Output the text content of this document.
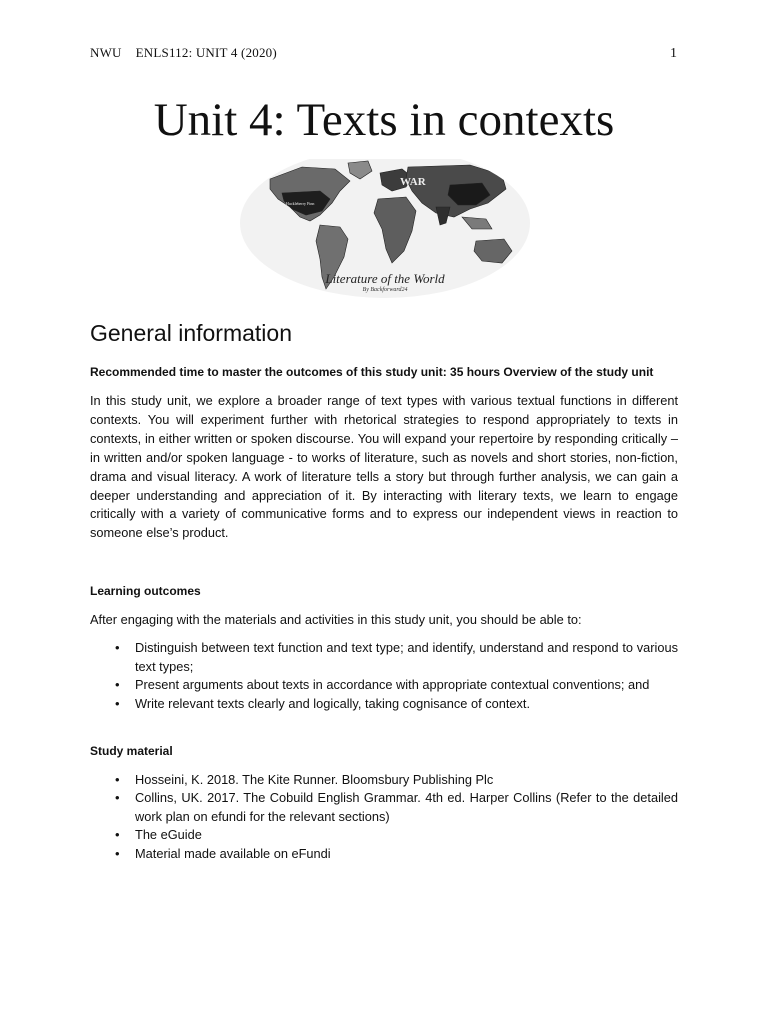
NWU ENLS112: UNIT 4 (2020)	1
Unit 4: Texts in contexts
WAR
Huckleberry Finn
Literature of the World
By Backforward24
General information

Recommended time to master the outcomes of this study unit: 35 hours Overview of the study unit

In this study unit, we explore a broader range of text types with various textual functions in different contexts. You will experiment further with rhetorical strategies to respond appropriately to texts in contexts, in either written or spoken discourse. You will expand your repertoire by responding critically – in written and/or spoken language - to works of literature, such as novels and short stories, non-fiction, drama and visual literacy. A work of literature tells a story but through further analysis, we can gain a deeper understanding and appreciation of it. By interacting with literary texts, we learn to engage critically with a variety of communicative forms and to express our independent views in reaction to someone else’s product.

Learning outcomes

After engaging with the materials and activities in this study unit, you should be able to:

• Distinguish between text function and text type; and identify, understand and respond to various text types;
• Present arguments about texts in accordance with appropriate contextual conventions; and
• Write relevant texts clearly and logically, taking cognisance of context.

Study material

• Hosseini, K. 2018. The Kite Runner. Bloomsbury Publishing Plc
• Collins, UK. 2017. The Cobuild English Grammar. 4th ed. Harper Collins (Refer to the detailed work plan on efundi for the relevant sections)
• The eGuide
• Material made available on eFundi
